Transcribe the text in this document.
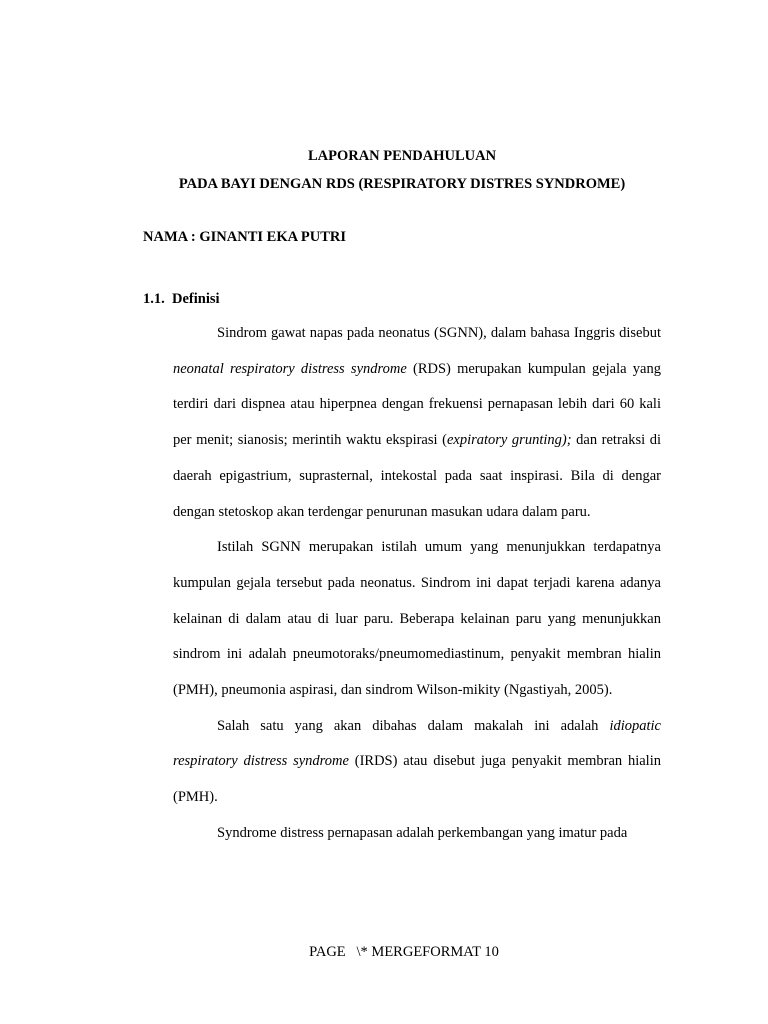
LAPORAN PENDAHULUAN

PADA BAYI DENGAN RDS (RESPIRATORY DISTRES SYNDROME)

NAMA : GINANTI EKA PUTRI

1.1. Definisi

Sindrom gawat napas pada neonatus (SGNN), dalam bahasa Inggris disebut neonatal respiratory distress syndrome (RDS) merupakan kumpulan gejala yang terdiri dari dispnea atau hiperpnea dengan frekuensi pernapasan lebih dari 60 kali per menit; sianosis; merintih waktu ekspirasi (expiratory grunting); dan retraksi di daerah epigastrium, suprasternal, intekostal pada saat inspirasi. Bila di dengar dengan stetoskop akan terdengar penurunan masukan udara dalam paru.

Istilah SGNN merupakan istilah umum yang menunjukkan terdapatnya kumpulan gejala tersebut pada neonatus. Sindrom ini dapat terjadi karena adanya kelainan di dalam atau di luar paru. Beberapa kelainan paru yang menunjukkan sindrom ini adalah pneumotoraks/pneumomediastinum, penyakit membran hialin (PMH), pneumonia aspirasi, dan sindrom Wilson-mikity (Ngastiyah, 2005).

Salah satu yang akan dibahas dalam makalah ini adalah idiopatic respiratory distress syndrome (IRDS) atau disebut juga penyakit membran hialin (PMH).

Syndrome distress pernapasan adalah perkembangan yang imatur pada

PAGE   \* MERGEFORMAT 10
